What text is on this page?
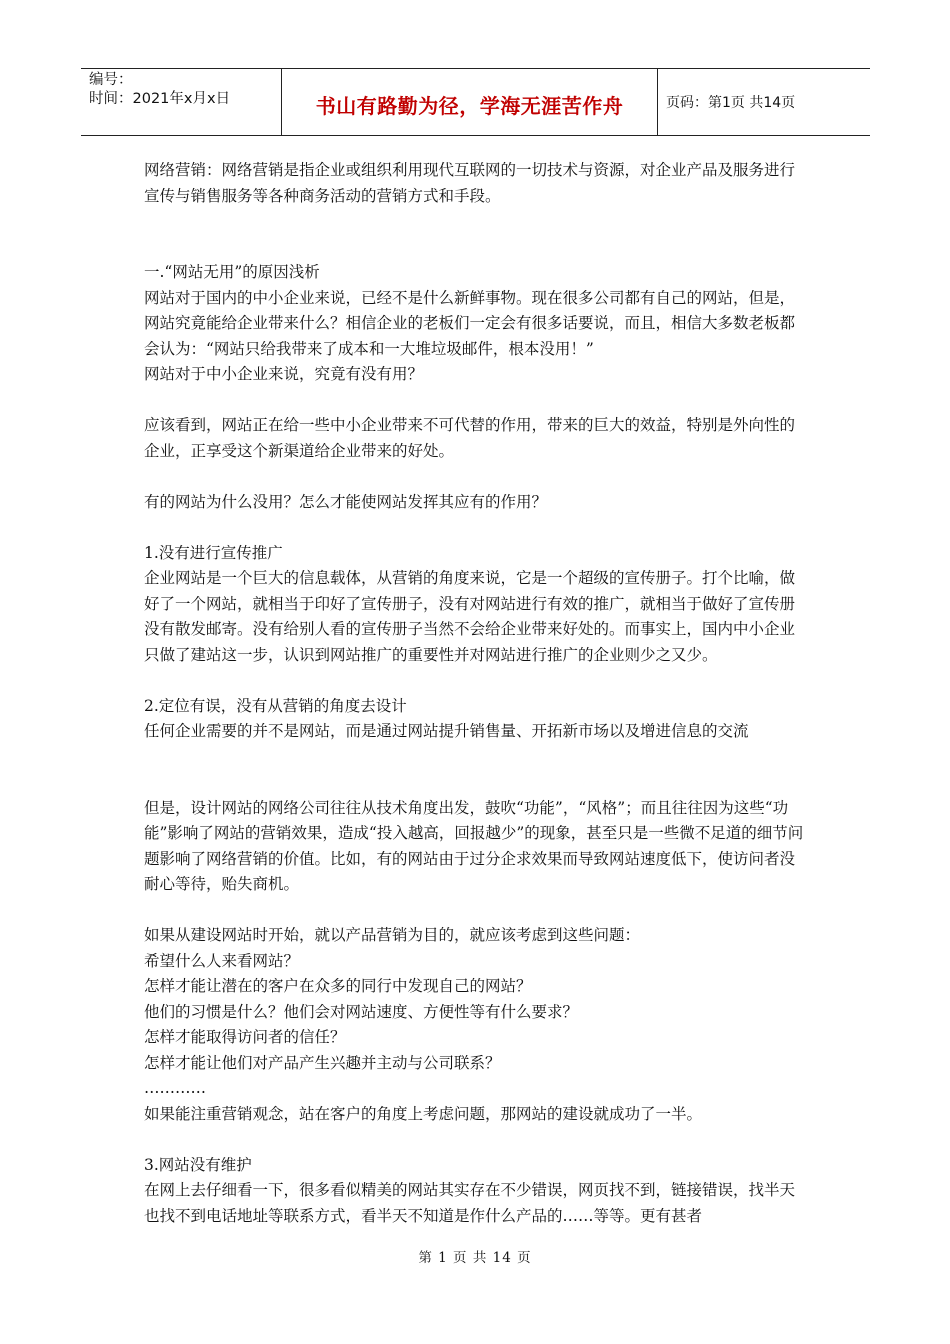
编号：
时间：2021年x月x日	书山有路勤为径，学海无涯苦作舟	页码：第1页 共14页

网络营销：网络营销是指企业或组织利用现代互联网的一切技术与资源，对企业产品及服务进行宣传与销售服务等各种商务活动的营销方式和手段。

一.“网站无用”的原因浅析

网站对于国内的中小企业来说，已经不是什么新鲜事物。现在很多公司都有自己的网站，但是，网站究竟能给企业带来什么？相信企业的老板们一定会有很多话要说，而且，相信大多数老板都会认为：“网站只给我带来了成本和一大堆垃圾邮件，根本没用！”

网站对于中小企业来说，究竟有没有用？

应该看到，网站正在给一些中小企业带来不可代替的作用，带来的巨大的效益，特别是外向性的企业，正享受这个新渠道给企业带来的好处。

有的网站为什么没用？怎么才能使网站发挥其应有的作用？

1.没有进行宣传推广

企业网站是一个巨大的信息载体，从营销的角度来说，它是一个超级的宣传册子。打个比喻，做好了一个网站，就相当于印好了宣传册子，没有对网站进行有效的推广，就相当于做好了宣传册没有散发邮寄。没有给别人看的宣传册子当然不会给企业带来好处的。而事实上，国内中小企业只做了建站这一步，认识到网站推广的重要性并对网站进行推广的企业则少之又少。

2.定位有误，没有从营销的角度去设计

任何企业需要的并不是网站，而是通过网站提升销售量、开拓新市场以及增进信息的交流

但是，设计网站的网络公司往往从技术角度出发，鼓吹“功能”，“风格”；而且往往因为这些“功能”影响了网站的营销效果，造成“投入越高，回报越少”的现象，甚至只是一些微不足道的细节问题影响了网络营销的价值。比如，有的网站由于过分企求效果而导致网站速度低下，使访问者没耐心等待，贻失商机。

如果从建设网站时开始，就以产品营销为目的，就应该考虑到这些问题：

希望什么人来看网站？

怎样才能让潜在的客户在众多的同行中发现自己的网站？

他们的习惯是什么？他们会对网站速度、方便性等有什么要求？

怎样才能取得访问者的信任？

怎样才能让他们对产品产生兴趣并主动与公司联系？

…………

如果能注重营销观念，站在客户的角度上考虑问题，那网站的建设就成功了一半。

3.网站没有维护

在网上去仔细看一下，很多看似精美的网站其实存在不少错误，网页找不到，链接错误，找半天也找不到电话地址等联系方式，看半天不知道是作什么产品的……等等。更有甚者

第 1 页 共 14 页
